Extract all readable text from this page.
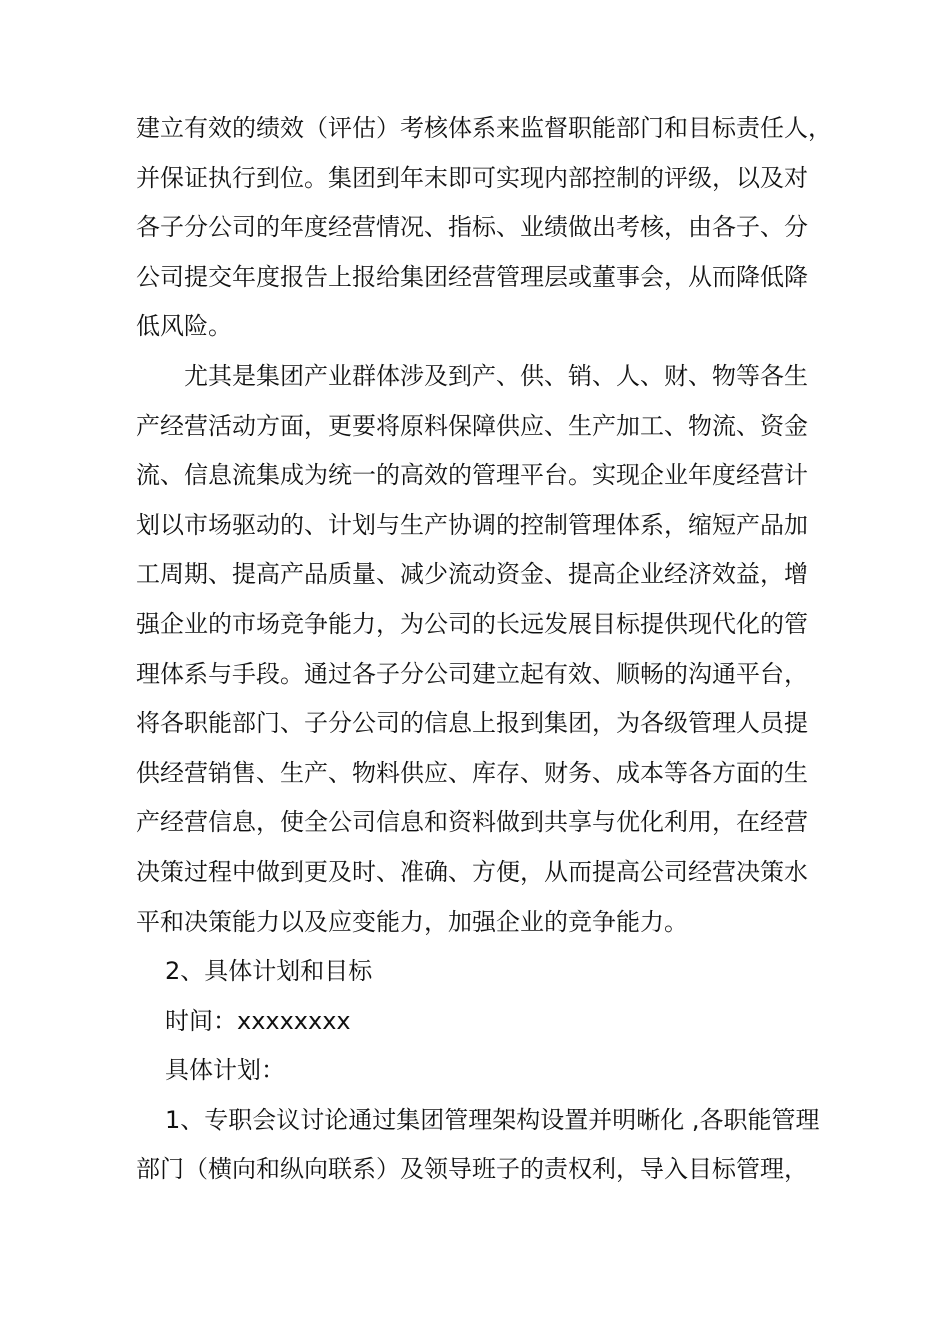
建立有效的绩效（评估）考核体系来监督职能部门和目标责任人，
并保证执行到位。集团到年末即可实现内部控制的评级，以及对
各子分公司的年度经营情况、指标、业绩做出考核，由各子、分
公司提交年度报告上报给集团经营管理层或董事会，从而降低降
低风险。
尤其是集团产业群体涉及到产、供、销、人、财、物等各生
产经营活动方面，更要将原料保障供应、生产加工、物流、资金
流、信息流集成为统一的高效的管理平台。实现企业年度经营计
划以市场驱动的、计划与生产协调的控制管理体系，缩短产品加
工周期、提高产品质量、减少流动资金、提高企业经济效益，增
强企业的市场竞争能力，为公司的长远发展目标提供现代化的管
理体系与手段。通过各子分公司建立起有效、顺畅的沟通平台，
将各职能部门、子分公司的信息上报到集团，为各级管理人员提
供经营销售、生产、物料供应、库存、财务、成本等各方面的生
产经营信息，使全公司信息和资料做到共享与优化利用，在经营
决策过程中做到更及时、准确、方便，从而提高公司经营决策水
平和决策能力以及应变能力，加强企业的竞争能力。
2、具体计划和目标
时间：xxxxxxxx
具体计划：
1、专职会议讨论通过集团管理架构设置并明晰化 ,各职能管理
部门（横向和纵向联系）及领导班子的责权利，导入目标管理，
